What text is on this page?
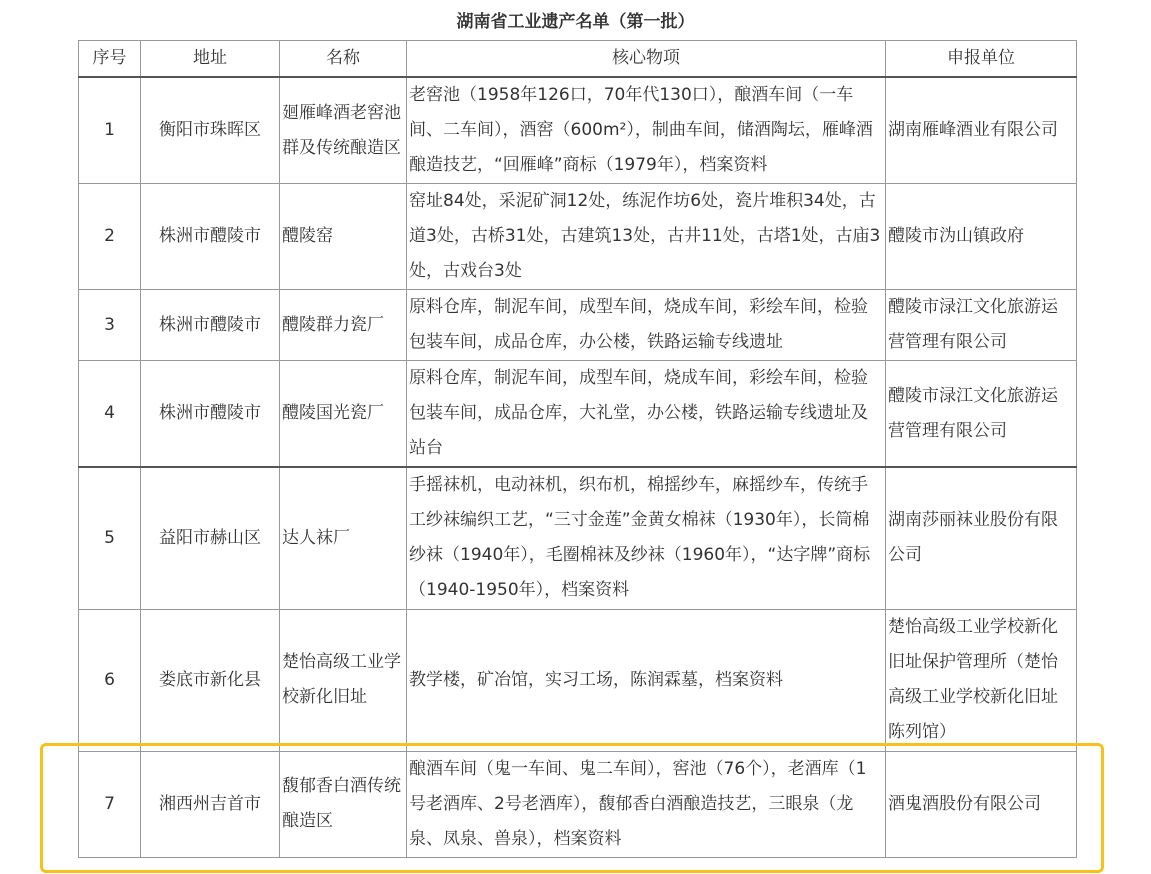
湖南省工业遗产名单（第一批）
序号	地址	名称	核心物项	申报单位
1	衡阳市珠晖区	廻雁峰酒老窖池群及传统酿造区	老窖池（1958年126口，70年代130口），酿酒车间（一车间、二车间），酒窖（600m²），制曲车间，储酒陶坛，雁峰酒酿造技艺，“回雁峰”商标（1979年），档案资料	湖南雁峰酒业有限公司
2	株洲市醴陵市	醴陵窑	窑址84处，采泥矿洞12处，练泥作坊6处，瓷片堆积34处，古道3处，古桥31处，古建筑13处，古井11处，古塔1处，古庙3处，古戏台3处	醴陵市沩山镇政府
3	株洲市醴陵市	醴陵群力瓷厂	原料仓库，制泥车间，成型车间，烧成车间，彩绘车间，检验包装车间，成品仓库，办公楼，铁路运输专线遗址	醴陵市渌江文化旅游运营管理有限公司
4	株洲市醴陵市	醴陵国光瓷厂	原料仓库，制泥车间，成型车间，烧成车间，彩绘车间，检验包装车间，成品仓库，大礼堂，办公楼，铁路运输专线遗址及站台	醴陵市渌江文化旅游运营管理有限公司
5	益阳市赫山区	达人袜厂	手摇袜机，电动袜机，织布机，棉摇纱车，麻摇纱车，传统手工纱袜编织工艺，“三寸金莲”金黄女棉袜（1930年），长筒棉纱袜（1940年），毛圈棉袜及纱袜（1960年），“达字牌”商标（1940-1950年），档案资料	湖南莎丽袜业股份有限公司
6	娄底市新化县	楚怡高级工业学校新化旧址	教学楼，矿冶馆，实习工场，陈润霖墓，档案资料	楚怡高级工业学校新化旧址保护管理所（楚怡高级工业学校新化旧址陈列馆）
7	湘西州吉首市	馥郁香白酒传统酿造区	酿酒车间（鬼一车间、鬼二车间），窖池（76个），老酒库（1号老酒库、2号老酒库），馥郁香白酒酿造技艺，三眼泉（龙泉、凤泉、兽泉），档案资料	酒鬼酒股份有限公司
